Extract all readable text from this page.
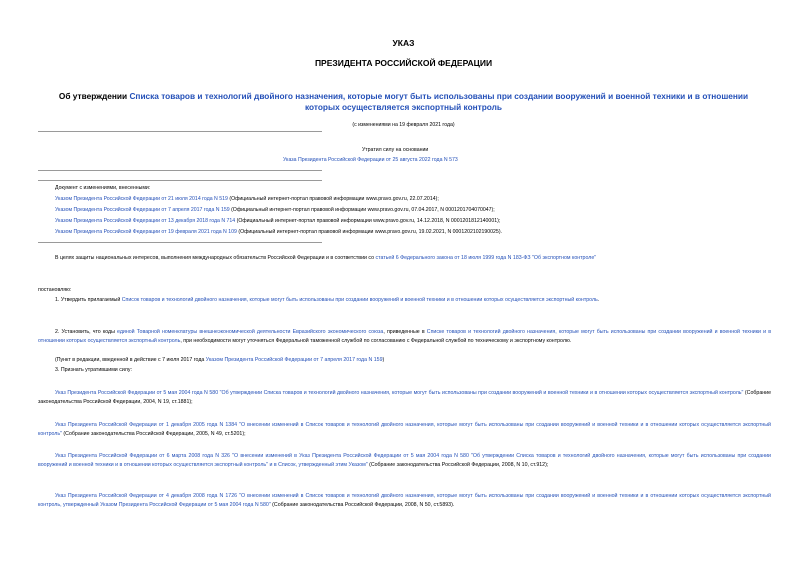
УКАЗ
ПРЕЗИДЕНТА РОССИЙСКОЙ ФЕДЕРАЦИИ
Об утверждении Списка товаров и технологий двойного назначения, которые могут быть использованы при создании вооружений и военной техники и в отношении которых осуществляется экспортный контроль
(с изменениями на 19 февраля 2021 года)
Утратил силу на основании
Указа Президента Российской Федерации от 25 августа 2022 года N 573
Документ с изменениями, внесенными:
Указом Президента Российской Федерации от 21 июля 2014 года N 519 (Официальный интернет-портал правовой информации www.pravo.gov.ru, 22.07.2014);
Указом Президента Российской Федерации от 7 апреля 2017 года N 159 (Официальный интернет-портал правовой информации www.pravo.gov.ru, 07.04.2017, N 0001201704070047);
Указом Президента Российской Федерации от 13 декабря 2018 года N 714 (Официальный интернет-портал правовой информации www.pravo.gov.ru, 14.12.2018, N 0001201812140001);
Указом Президента Российской Федерации от 19 февраля 2021 года N 109 (Официальный интернет-портал правовой информации www.pravo.gov.ru, 19.02.2021, N 0001202102190025).
В целях защиты национальных интересов, выполнения международных обязательств Российской Федерации и в соответствии со статьей 6 Федерального закона от 18 июля 1999 года N 183-ФЗ "Об экспортном контроле"
постановляю:
1. Утвердить прилагаемый Список товаров и технологий двойного назначения, которые могут быть использованы при создании вооружений и военной техники и в отношении которых осуществляется экспортный контроль.
2. Установить, что коды единой Товарной номенклатуры внешнеэкономической деятельности Евразийского экономического союза, приведенные в Списке товаров и технологий двойного назначения, которые могут быть использованы при создании вооружений и военной техники и в отношении которых осуществляется экспортный контроль, при необходимости могут уточняться Федеральной таможенной службой по согласованию с Федеральной службой по техническому и экспортному контролю.
(Пункт в редакции, введенной в действие с 7 июля 2017 года Указом Президента Российской Федерации от 7 апреля 2017 года N 159)
3. Признать утратившими силу:
Указ Президента Российской Федерации от 5 мая 2004 года N 580 "Об утверждении Списка товаров и технологий двойного назначения, которые могут быть использованы при создании вооружений и военной техники и в отношении которых осуществляется экспортный контроль" (Собрание законодательства Российской Федерации, 2004, N 19, ст.1881);
Указ Президента Российской Федерации от 1 декабря 2005 года N 1384 "О внесении изменений в Список товаров и технологий двойного назначения, которые могут быть использованы при создании вооружений и военной техники и в отношении которых осуществляется экспортный контроль" (Собрание законодательства Российской Федерации, 2005, N 49, ст.5201);
Указ Президента Российской Федерации от 6 марта 2008 года N 326 "О внесении изменений в Указ Президента Российской Федерации от 5 мая 2004 года N 580 "Об утверждении Списка товаров и технологий двойного назначения, которые могут быть использованы при создании вооружений и военной техники и в отношении которых осуществляется экспортный контроль" и в Список, утвержденный этим Указом" (Собрание законодательства Российской Федерации, 2008, N 10, ст.912);
Указ Президента Российской Федерации от 4 декабря 2008 года N 1726 "О внесении изменений в Список товаров и технологий двойного назначения, которые могут быть использованы при создании вооружений и военной техники и в отношении которых осуществляется экспортный контроль, утвержденный Указом Президента Российской Федерации от 5 мая 2004 года N 580" (Собрание законодательства Российской Федерации, 2008, N 50, ст.5893).
